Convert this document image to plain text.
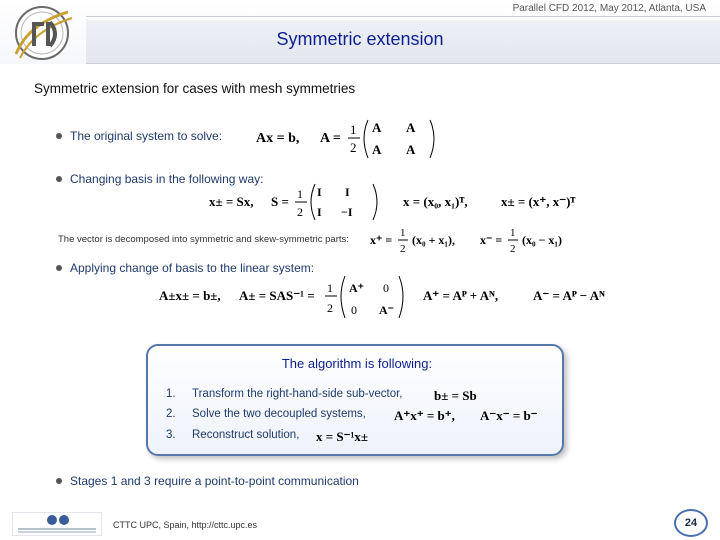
Parallel CFD 2012, May 2012, Atlanta, USA
Symmetric extension
Symmetric extension for cases with mesh symmetries
The original system to solve: Ax = b, A =
1
2
A A
A A
Changing basis in the following way:
x± = Sx, S = 1
2
I I
I −I
x = (x₀, x₁)ᵀ,	x± = (x⁺, x⁻)ᵀ
The vector is decomposed into symmetric and skew-symmetric parts: x⁺ = 1
2
(x₀ + x₁), x⁻ = 1
2
(x₀ − x₁)
Applying change of basis to the linear system:
A±x± = b±, A± = SAS⁻¹ = 1
2
A⁺ 0
0 A⁻
A⁺ = Aᴾ + Aᴺ,	A⁻ = Aᴾ − Aᴺ
The algorithm is following:
1.	Transform the right-hand-side sub-vector,
2.	Solve the two decoupled systems,
3.	Reconstruct solution,
b± = Sb
A⁺x⁺ = b⁺, A⁻x⁻ = b⁻
x = S⁻¹x±
Stages 1 and 3 require a point-to-point communication
CTTC UPC, Spain, http://cttc.upc.es	24
